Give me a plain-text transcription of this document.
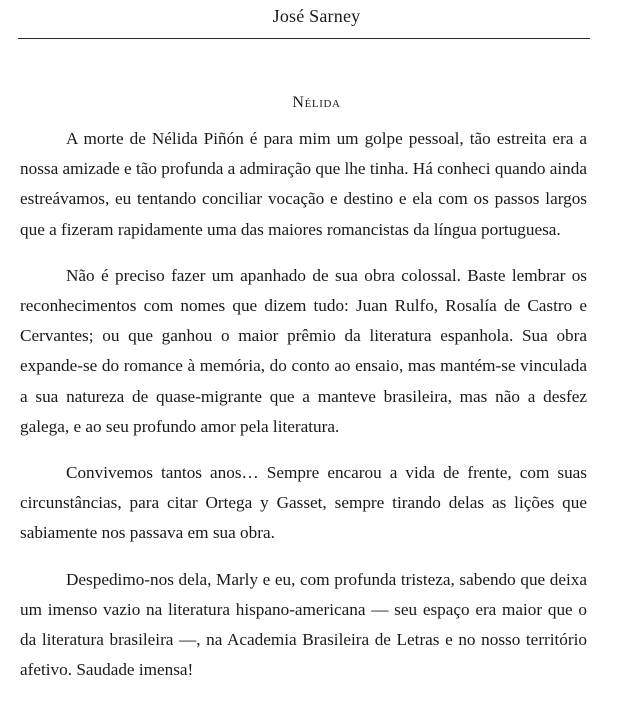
José Sarney
Nélida

A morte de Nélida Piñón é para mim um golpe pessoal, tão estreita era a nossa amizade e tão profunda a admiração que lhe tinha. Há conheci quando ainda estreávamos, eu tentando conciliar vocação e destino e ela com os passos largos que a fizeram rapidamente uma das maiores romancistas da língua portuguesa.

Não é preciso fazer um apanhado de sua obra colossal. Baste lembrar os reconhecimentos com nomes que dizem tudo: Juan Rulfo, Rosalía de Castro e Cervantes; ou que ganhou o maior prêmio da literatura espanhola. Sua obra expande-se do romance à memória, do conto ao ensaio, mas mantém-se vinculada a sua natureza de quase-migrante que a manteve brasileira, mas não a desfez galega, e ao seu profundo amor pela literatura.

Convivemos tantos anos… Sempre encarou a vida de frente, com suas circunstâncias, para citar Ortega y Gasset, sempre tirando delas as lições que sabiamente nos passava em sua obra.

Despedimo-nos dela, Marly e eu, com profunda tristeza, sabendo que deixa um imenso vazio na literatura hispano-americana — seu espaço era maior que o da literatura brasileira —, na Academia Brasileira de Letras e no nosso território afetivo. Saudade imensa!
